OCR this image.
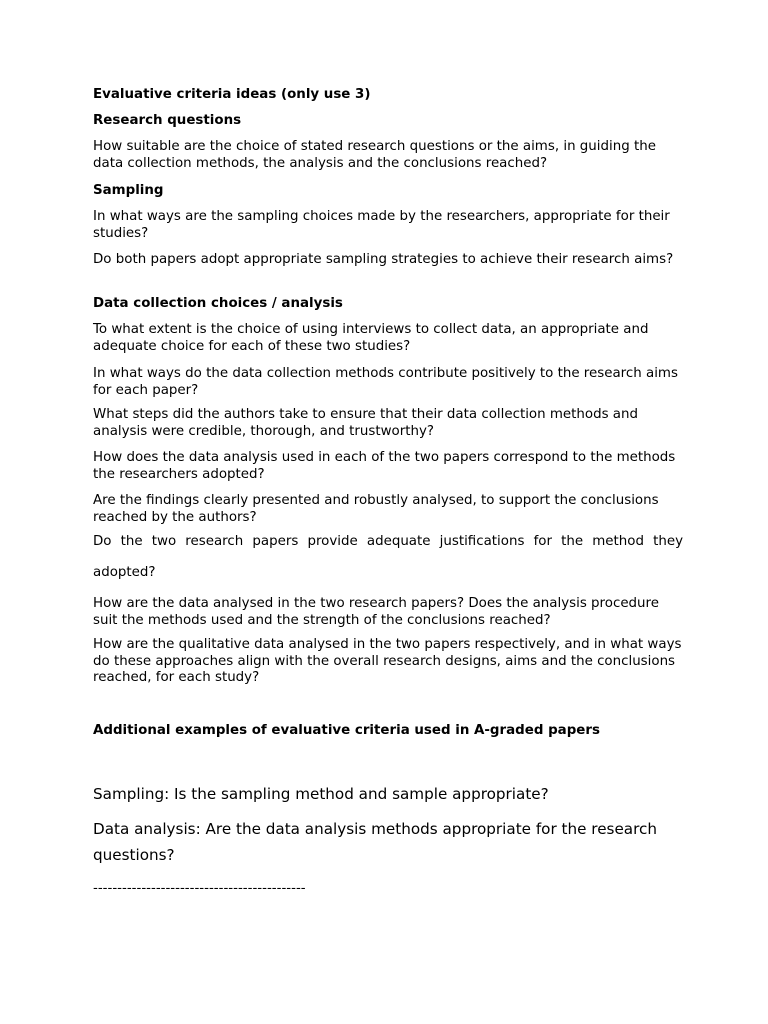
Evaluative criteria ideas (only use 3)
Research questions
How suitable are the choice of stated research questions or the aims, in guiding the data collection methods, the analysis and the conclusions reached?
Sampling
In what ways are the sampling choices made by the researchers, appropriate for their studies?
Do both papers adopt appropriate sampling strategies to achieve their research aims?
Data collection choices / analysis
To what extent is the choice of using interviews to collect data, an appropriate and adequate choice for each of these two studies?
In what ways do the data collection methods contribute positively to the research aims for each paper?
What steps did the authors take to ensure that their data collection methods and analysis were credible, thorough, and trustworthy?
How does the data analysis used in each of the two papers correspond to the methods the researchers adopted?
Are the findings clearly presented and robustly analysed, to support the conclusions reached by the authors?
Do the two research papers provide adequate justifications for the method they
adopted?
How are the data analysed in the two research papers? Does the analysis procedure suit the methods used and the strength of the conclusions reached?
How are the qualitative data analysed in the two papers respectively, and in what ways do these approaches align with the overall research designs, aims and the conclusions reached, for each study?
Additional examples of evaluative criteria used in A-graded papers
Sampling: Is the sampling method and sample appropriate?
Data analysis: Are the data analysis methods appropriate for the research questions?
--------------------------------------------
